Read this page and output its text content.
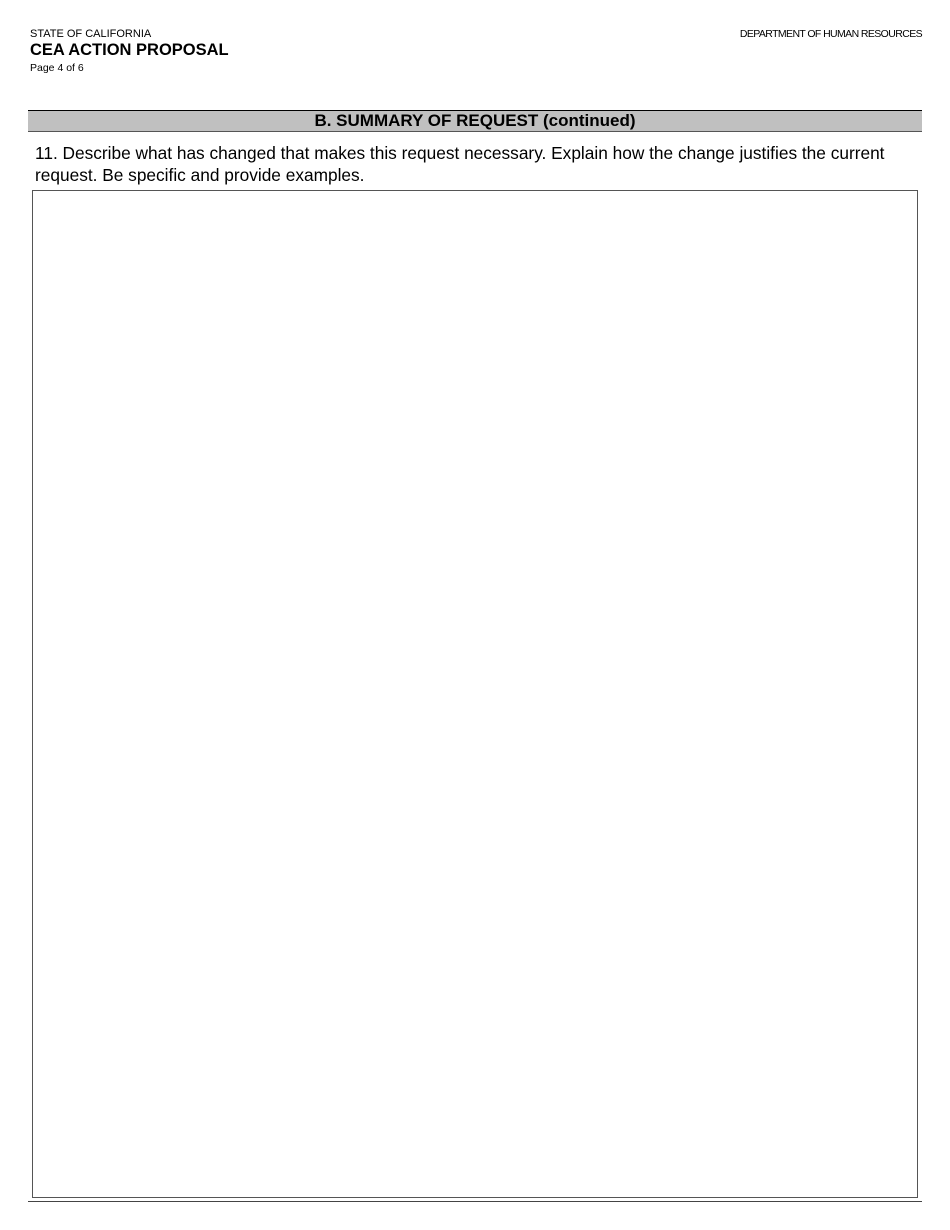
STATE OF CALIFORNIA
CEA ACTION PROPOSAL
Page 4 of 6
DEPARTMENT OF HUMAN RESOURCES
B. SUMMARY OF REQUEST (continued)
11. Describe what has changed that makes this request necessary. Explain how the change justifies the current request. Be specific and provide examples.
